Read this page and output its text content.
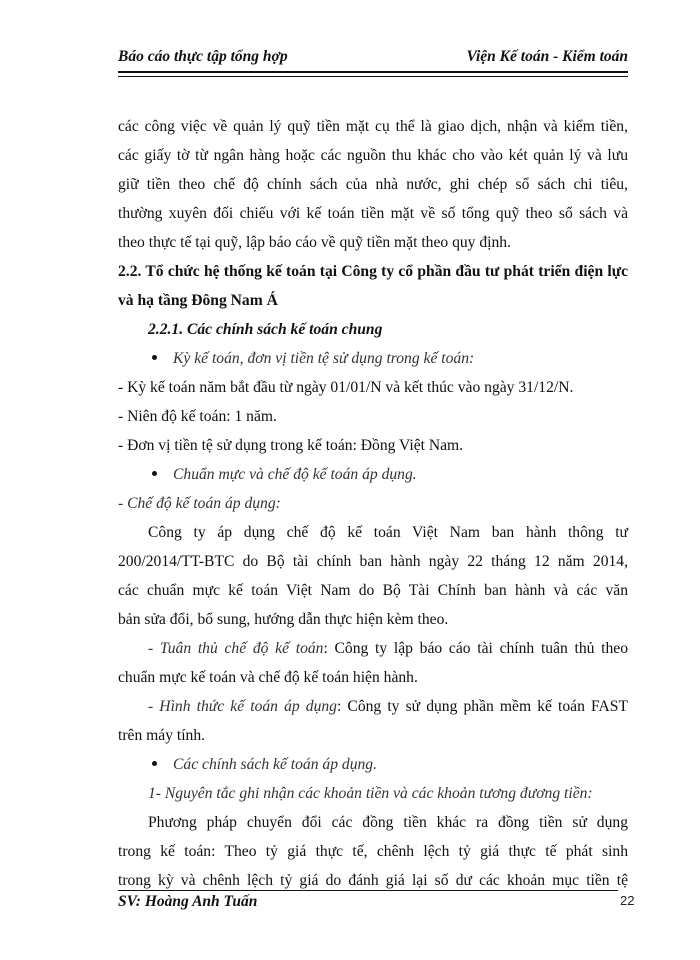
Báo cáo thực tập tổng hợp	Viện Kế toán - Kiểm toán
các công việc về quản lý quỹ tiền mặt cụ thể là giao dịch, nhận và kiểm tiền,
các giấy tờ từ ngân hàng hoặc các nguồn thu khác cho vào két quản lý và lưu
giữ tiền theo chế độ chính sách của nhà nước, ghi chép sổ sách chi tiêu,
thường xuyên đối chiếu với kế toán tiền mặt về số tổng quỹ theo sổ sách và
theo thực tế tại quỹ, lập báo cáo về quỹ tiền mặt theo quy định.
2.2. Tổ chức hệ thống kế toán tại Công ty cổ phần đầu tư phát triển điện lực
và hạ tầng Đông Nam Á
2.2.1. Các chính sách kế toán chung
Kỳ kế toán, đơn vị tiền tệ sử dụng trong kế toán:
- Kỳ kế toán năm bắt đầu từ ngày 01/01/N và kết thúc vào ngày 31/12/N.
- Niên độ kế toán: 1 năm.
- Đơn vị tiền tệ sử dụng trong kế toán: Đồng Việt Nam.
Chuẩn mực và chế độ kế toán áp dụng.
- Chế độ kế toán áp dụng:
Công ty áp dụng chế độ kế toán Việt Nam ban hành thông tư
200/2014/TT-BTC do Bộ tài chính ban hành ngày 22 tháng 12 năm 2014,
các chuẩn mực kế toán Việt Nam do Bộ Tài Chính ban hành và các văn
bản sửa đổi, bổ sung, hướng dẫn thực hiện kèm theo.
- Tuân thủ chế độ kế toán: Công ty lập báo cáo tài chính tuân thủ theo
chuẩn mực kế toán và chế độ kế toán hiện hành.
- Hình thức kế toán áp dụng: Công ty sử dụng phần mềm kế toán FAST
trên máy tính.
Các chính sách kế toán áp dụng.
1- Nguyên tắc ghi nhận các khoản tiền và các khoản tương đương tiền:
Phương pháp chuyển đổi các đồng tiền khác ra đồng tiền sử dụng
trong kế toán: Theo tỷ giá thực tế, chênh lệch tỷ giá thực tế phát sinh
trong kỳ và chênh lệch tỷ giá do đánh giá lại số dư các khoản mục tiền tệ
SV: Hoàng Anh Tuấn	22
